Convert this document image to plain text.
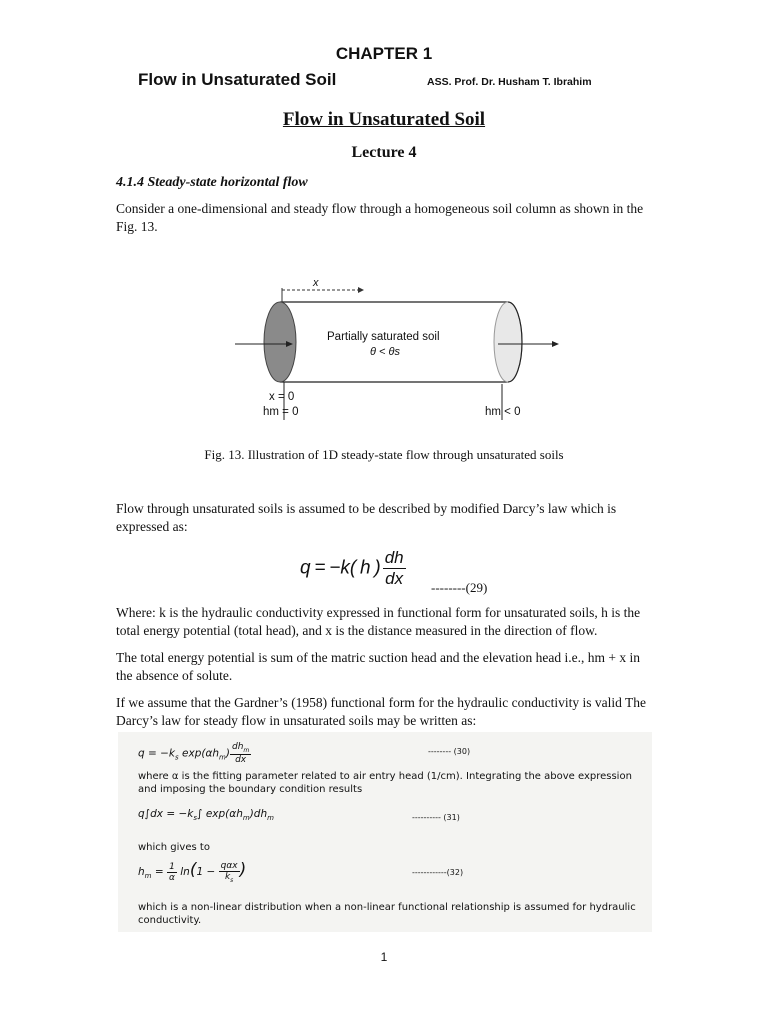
CHAPTER 1
Flow in Unsaturated Soil	ASS. Prof. Dr. Husham T. Ibrahim
Flow in Unsaturated Soil
Lecture 4
4.1.4 Steady-state horizontal flow
Consider a one-dimensional and steady flow through a homogeneous soil column as shown in the Fig. 13.
x
Partially saturated soil
θ < θs
x = 0
hm = 0	hm < 0
Fig. 13. Illustration of 1D steady-state flow through unsaturated soils
Flow through unsaturated soils is assumed to be described by modified Darcy’s law which is expressed as:
q = −k( h ) $\frac{dh}{dx} --------(29)$
Where: k is the hydraulic conductivity expressed in functional form for unsaturated soils, h is the total energy potential (total head), and x is the distance measured in the direction of flow.
The total energy potential is sum of the matric suction head and the elevation head i.e., hm + x in the absence of solute.
If we assume that the Gardner’s (1958) functional form for the hydraulic conductivity is valid The Darcy’s law for steady flow in unsaturated soils may be written as:
$q = -k_s$ $\exp(\alpha h_m) \frac{dh_m}{dx}$	-------- (30)
where α is the fitting parameter related to air entry head (1/cm). Integrating the above expression and imposing the boundary condition results
$q\int dx = -k_s\int$ $\exp(\alpha h_m)dh_m$	---------- (31)
which gives to
$h_m = \frac{1}{\alpha} \ln(1 - \frac{\text{qαx}}{k_s}$ )	------------(32)
which is a non-linear distribution when a non-linear functional relationship is assumed for hydraulic conductivity.
1
